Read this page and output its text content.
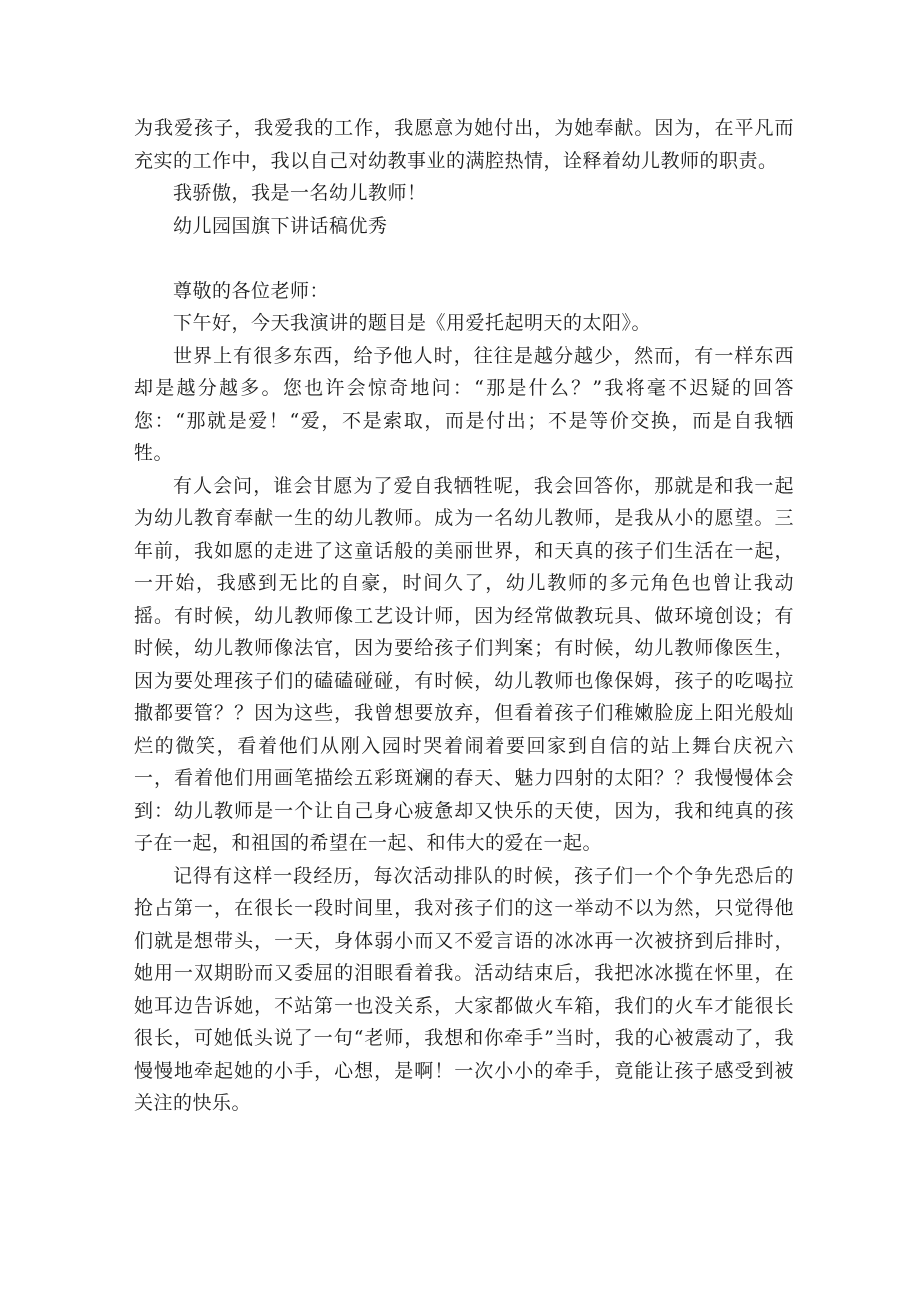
为我爱孩子，我爱我的工作，我愿意为她付出，为她奉献。因为，在平凡而充实的工作中，我以自己对幼教事业的满腔热情，诠释着幼儿教师的职责。

我骄傲，我是一名幼儿教师！

幼儿园国旗下讲话稿优秀

尊敬的各位老师：

下午好，今天我演讲的题目是《用爱托起明天的太阳》。

世界上有很多东西，给予他人时，往往是越分越少，然而，有一样东西却是越分越多。您也许会惊奇地问：“那是什么？”我将毫不迟疑的回答您：“那就是爱！“爱，不是索取，而是付出；不是等价交换，而是自我牺牲。

有人会问，谁会甘愿为了爱自我牺牲呢，我会回答你，那就是和我一起为幼儿教育奉献一生的幼儿教师。成为一名幼儿教师，是我从小的愿望。三年前，我如愿的走进了这童话般的美丽世界，和天真的孩子们生活在一起，一开始，我感到无比的自豪，时间久了，幼儿教师的多元角色也曾让我动摇。有时候，幼儿教师像工艺设计师，因为经常做教玩具、做环境创设；有时候，幼儿教师像法官，因为要给孩子们判案；有时候，幼儿教师像医生，因为要处理孩子们的磕磕碰碰，有时候，幼儿教师也像保姆，孩子的吃喝拉撒都要管？？因为这些，我曾想要放弃，但看着孩子们稚嫩脸庞上阳光般灿烂的微笑，看着他们从刚入园时哭着闹着要回家到自信的站上舞台庆祝六一，看着他们用画笔描绘五彩斑斓的春天、魅力四射的太阳？？我慢慢体会到：幼儿教师是一个让自己身心疲惫却又快乐的天使，因为，我和纯真的孩子在一起，和祖国的希望在一起、和伟大的爱在一起。

记得有这样一段经历，每次活动排队的时候，孩子们一个个争先恐后的抢占第一，在很长一段时间里，我对孩子们的这一举动不以为然，只觉得他们就是想带头，一天，身体弱小而又不爱言语的冰冰再一次被挤到后排时，她用一双期盼而又委屈的泪眼看着我。活动结束后，我把冰冰揽在怀里，在她耳边告诉她，不站第一也没关系，大家都做火车箱，我们的火车才能很长很长，可她低头说了一句“老师，我想和你牵手”当时，我的心被震动了，我慢慢地牵起她的小手，心想，是啊！一次小小的牵手，竟能让孩子感受到被关注的快乐。
